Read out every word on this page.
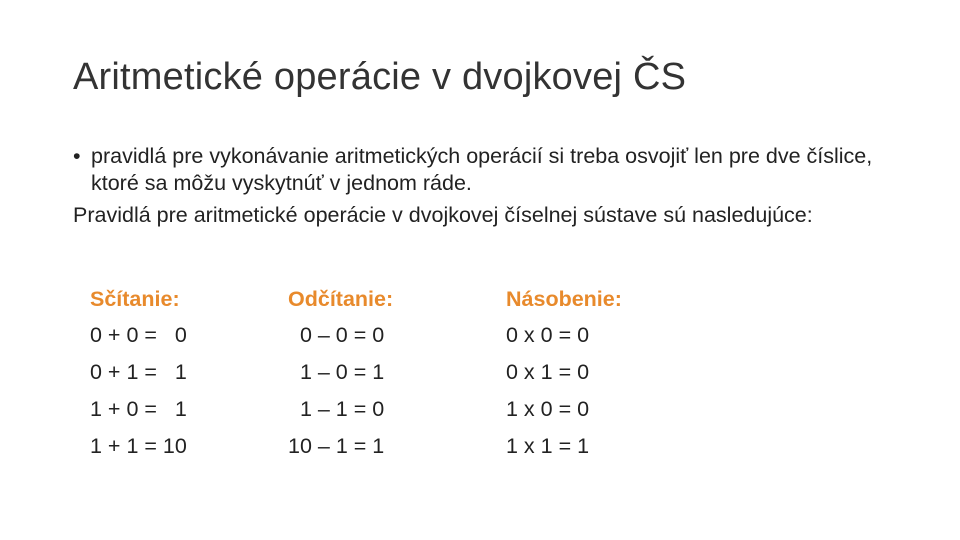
Aritmetické operácie v dvojkovej ČS

• pravidlá pre vykonávanie aritmetických operácií si treba osvojiť len pre dve číslice, ktoré sa môžu vyskytnúť v jednom ráde.

Pravidlá pre aritmetické operácie v dvojkovej číselnej sústave sú nasledujúce:

Sčítanie:
0 + 0 =   0
0 + 1 =   1
1 + 0 =   1
1 + 1 = 10
Odčítanie:
0 – 0 = 0
1 – 0 = 1
1 – 1 = 0
10 – 1 = 1
Násobenie:
0 x 0 = 0
0 x 1 = 0
1 x 0 = 0
1 x 1 = 1
